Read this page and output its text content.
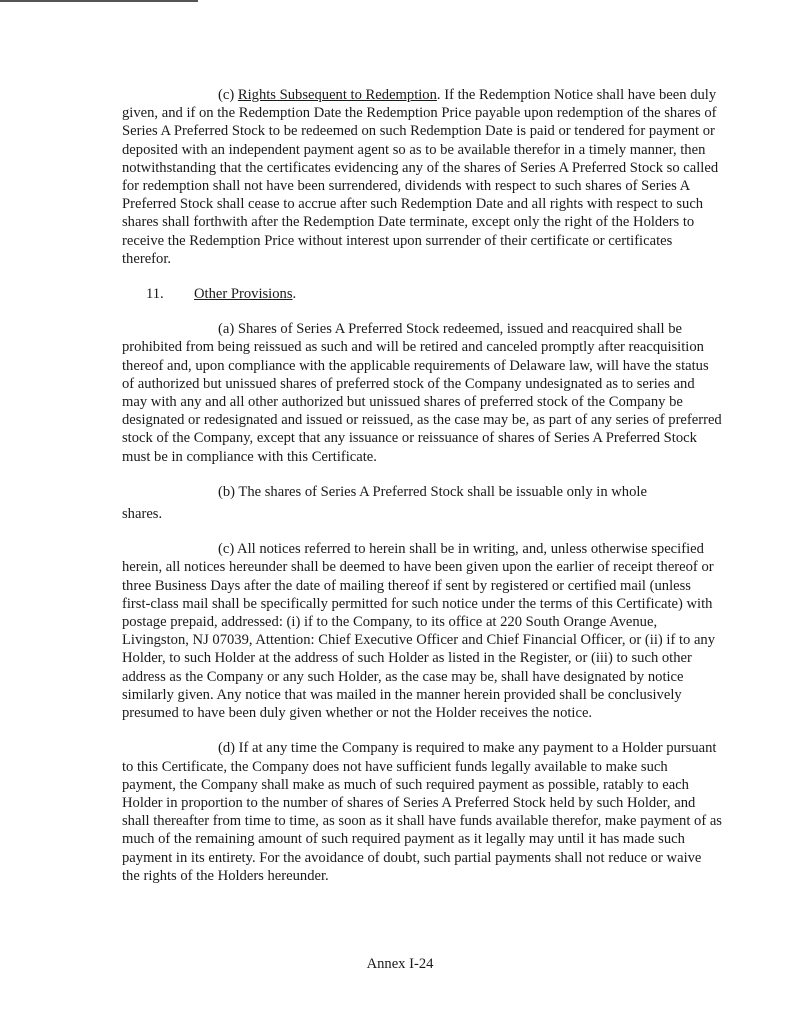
(c) Rights Subsequent to Redemption. If the Redemption Notice shall have been duly given, and if on the Redemption Date the Redemption Price payable upon redemption of the shares of Series A Preferred Stock to be redeemed on such Redemption Date is paid or tendered for payment or deposited with an independent payment agent so as to be available therefor in a timely manner, then notwithstanding that the certificates evidencing any of the shares of Series A Preferred Stock so called for redemption shall not have been surrendered, dividends with respect to such shares of Series A Preferred Stock shall cease to accrue after such Redemption Date and all rights with respect to such shares shall forthwith after the Redemption Date terminate, except only the right of the Holders to receive the Redemption Price without interest upon surrender of their certificate or certificates therefor.

11. Other Provisions.

(a) Shares of Series A Preferred Stock redeemed, issued and reacquired shall be prohibited from being reissued as such and will be retired and canceled promptly after reacquisition thereof and, upon compliance with the applicable requirements of Delaware law, will have the status of authorized but unissued shares of preferred stock of the Company undesignated as to series and may with any and all other authorized but unissued shares of preferred stock of the Company be designated or redesignated and issued or reissued, as the case may be, as part of any series of preferred stock of the Company, except that any issuance or reissuance of shares of Series A Preferred Stock must be in compliance with this Certificate.

(b) The shares of Series A Preferred Stock shall be issuable only in whole

shares.

(c) All notices referred to herein shall be in writing, and, unless otherwise specified herein, all notices hereunder shall be deemed to have been given upon the earlier of receipt thereof or three Business Days after the date of mailing thereof if sent by registered or certified mail (unless first-class mail shall be specifically permitted for such notice under the terms of this Certificate) with postage prepaid, addressed: (i) if to the Company, to its office at 220 South Orange Avenue, Livingston, NJ 07039, Attention: Chief Executive Officer and Chief Financial Officer, or (ii) if to any Holder, to such Holder at the address of such Holder as listed in the Register, or (iii) to such other address as the Company or any such Holder, as the case may be, shall have designated by notice similarly given. Any notice that was mailed in the manner herein provided shall be conclusively presumed to have been duly given whether or not the Holder receives the notice.

(d) If at any time the Company is required to make any payment to a Holder pursuant to this Certificate, the Company does not have sufficient funds legally available to make such payment, the Company shall make as much of such required payment as possible, ratably to each Holder in proportion to the number of shares of Series A Preferred Stock held by such Holder, and shall thereafter from time to time, as soon as it shall have funds available therefor, make payment of as much of the remaining amount of such required payment as it legally may until it has made such payment in its entirety. For the avoidance of doubt, such partial payments shall not reduce or waive the rights of the Holders hereunder.

Annex I-24
